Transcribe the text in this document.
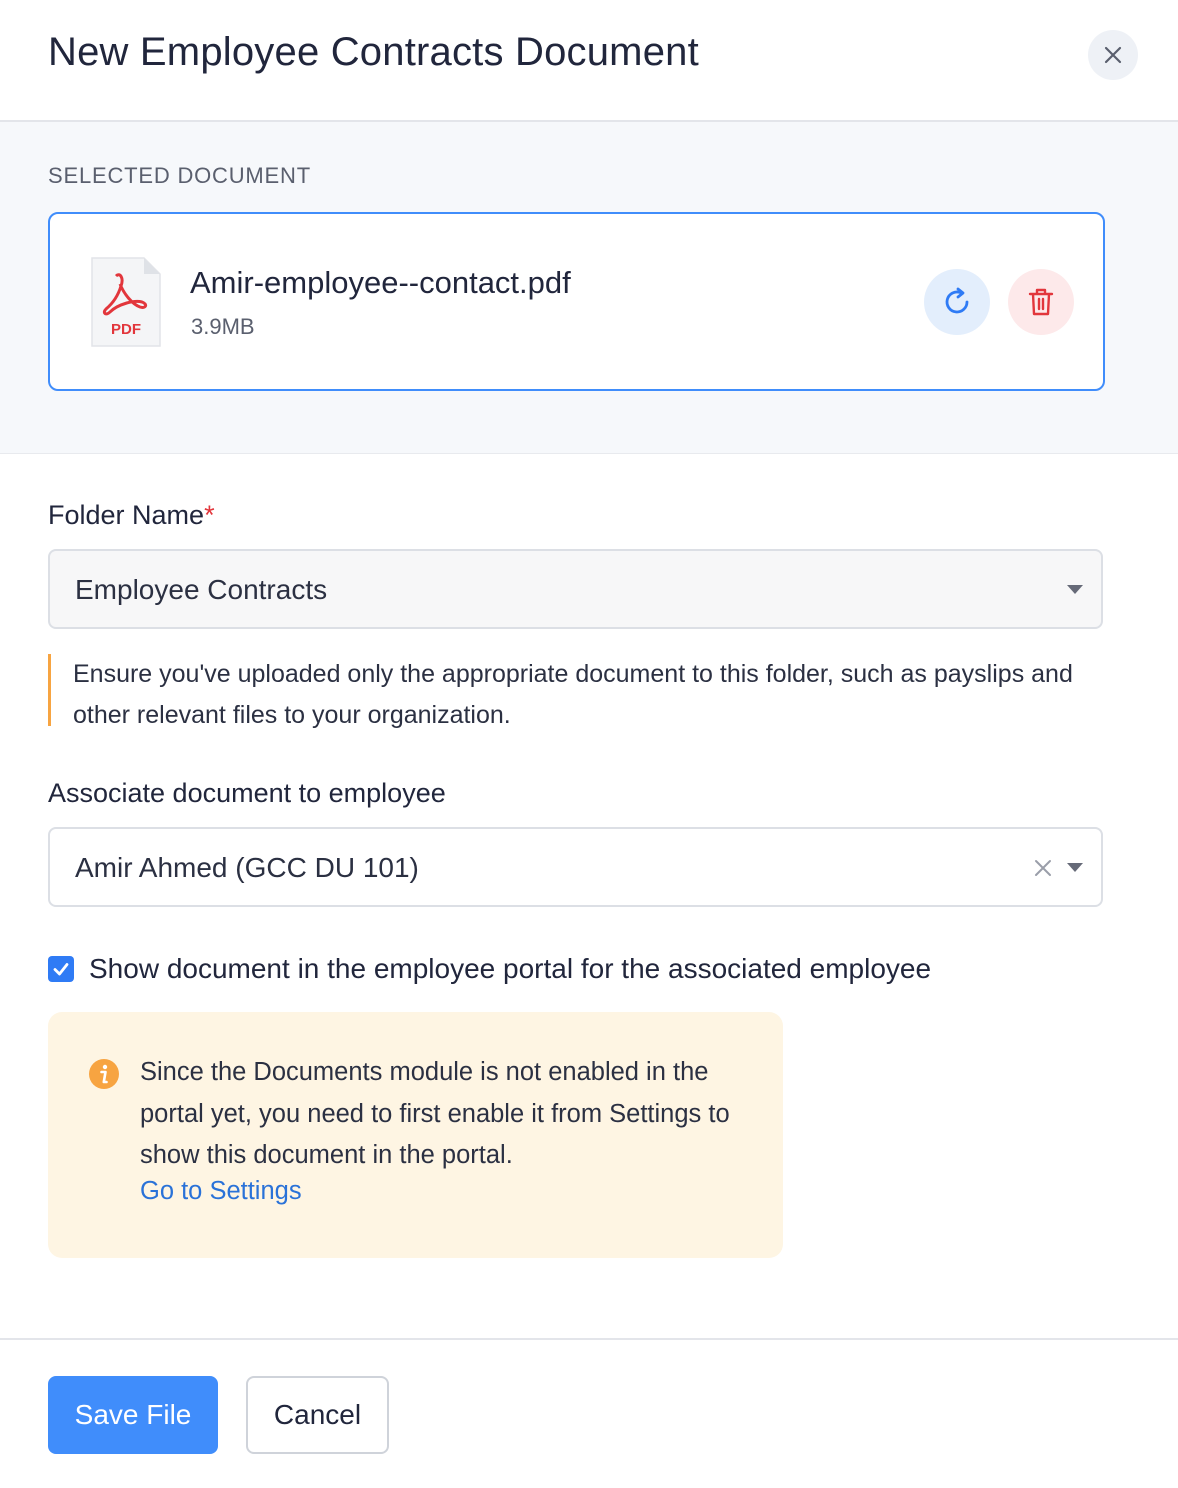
New Employee Contracts Document
SELECTED DOCUMENT
PDF
Amir-employee--contact.pdf
3.9MB
Folder Name*
Employee Contracts
Ensure you've uploaded only the appropriate document to this folder, such as payslips and other relevant files to your organization.
Associate document to employee
Amir Ahmed (GCC DU 101)
Show document in the employee portal for the associated employee
Since the Documents module is not enabled in the portal yet, you need to first enable it from Settings to show this document in the portal.
Go to Settings
Save File	Cancel
